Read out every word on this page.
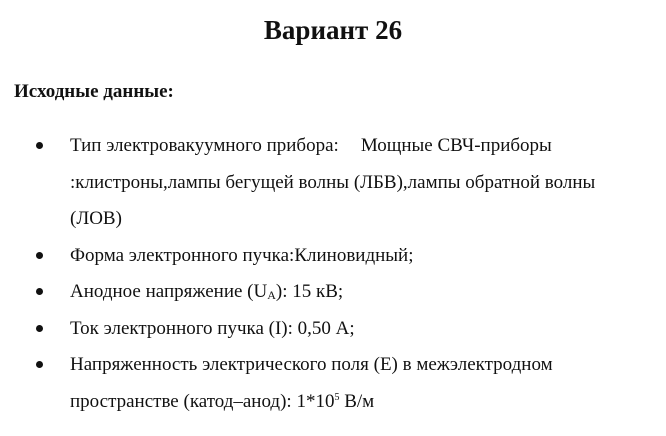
Вариант 26
Исходные данные:
Тип электровакуумного прибора: Мощные СВЧ-приборы :клистроны,лампы бегущей волны (ЛБВ),лампы обратной волны (ЛОВ)
Форма электронного пучка:Клиновидный;
Анодное напряжение $(U_A)$: 15 кВ;
Ток электронного пучка (I): 0,50 А;
Напряженность электрического поля (Е) в межэлектродном пространстве (катод–анод): $1*10^5$ В/м
